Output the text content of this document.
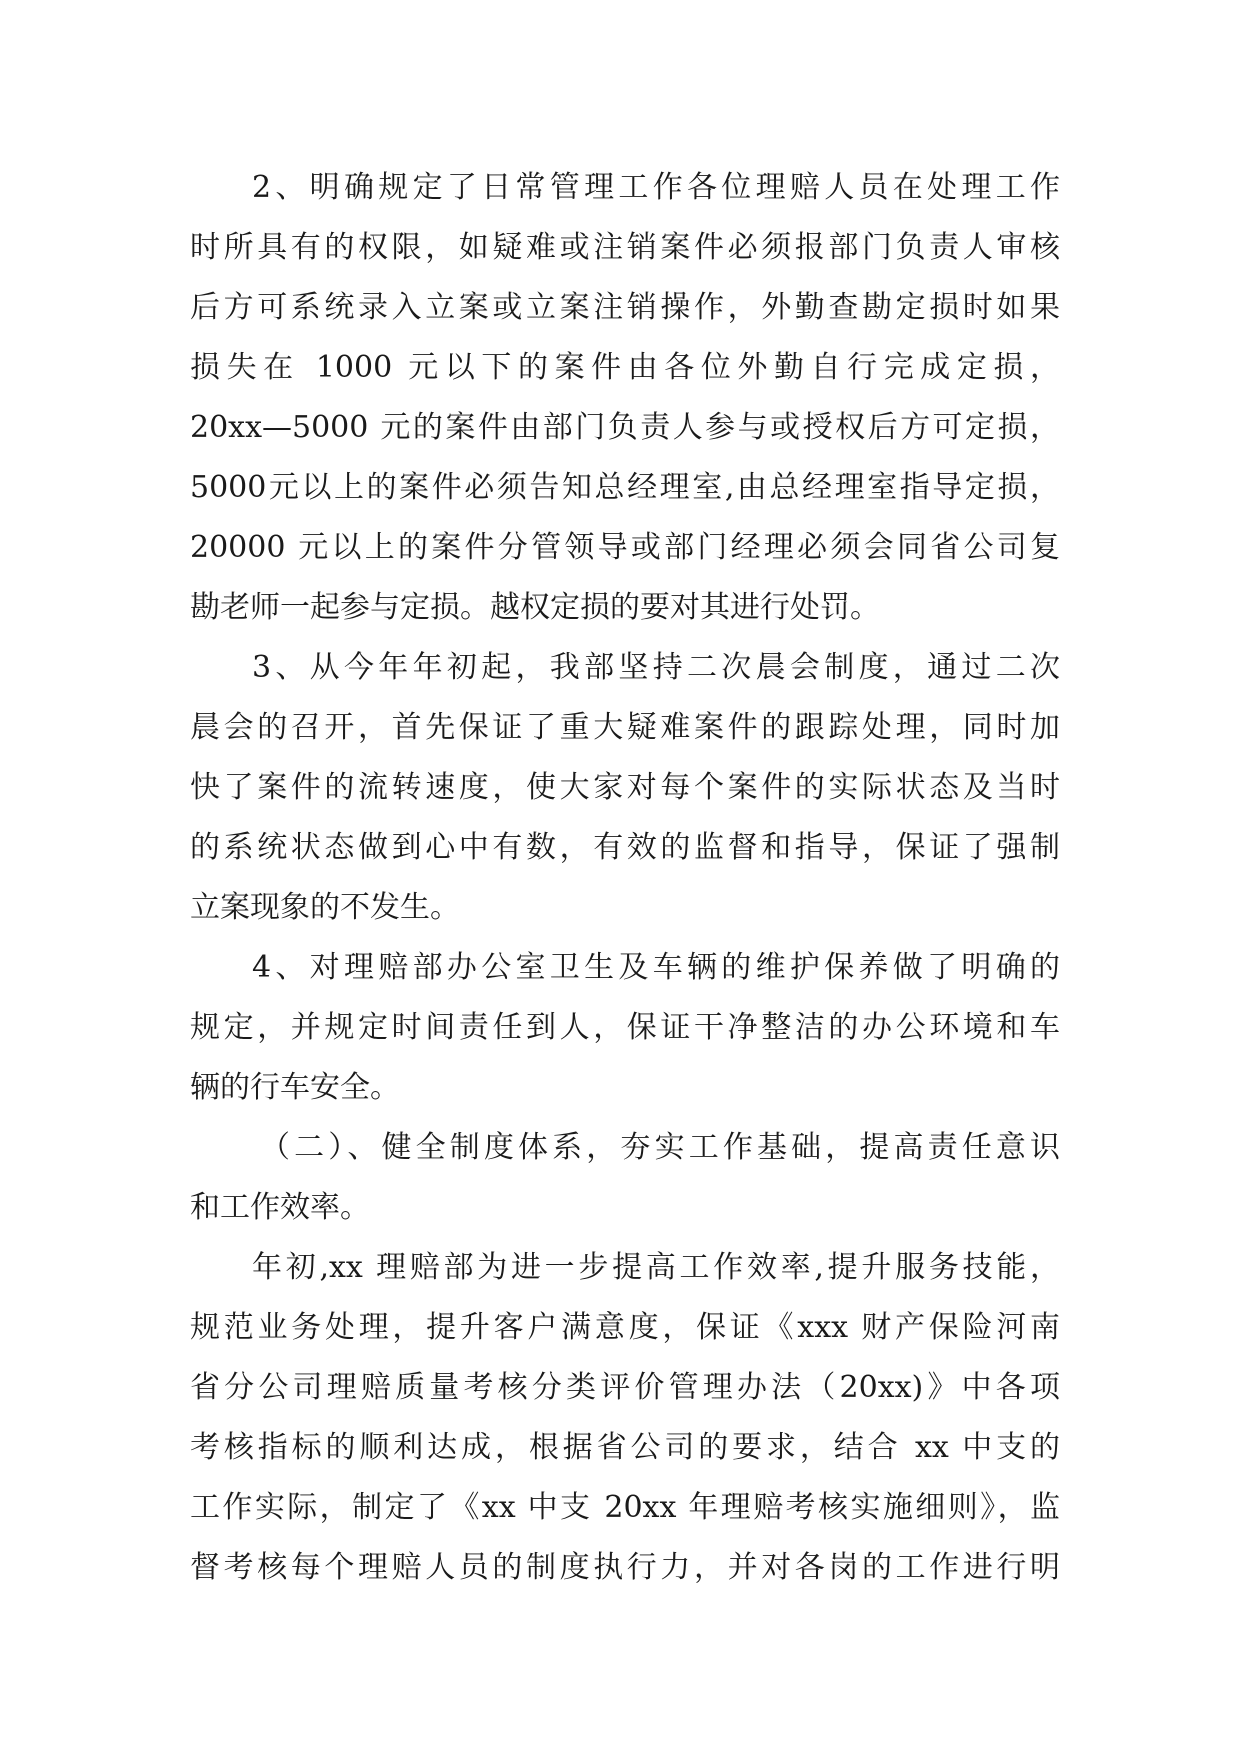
2、明确规定了日常管理工作各位理赔人员在处理工作
时所具有的权限，如疑难或注销案件必须报部门负责人审核
后方可系统录入立案或立案注销操作，外勤查勘定损时如果
损失在 1000 元以下的案件由各位外勤自行完成定损，
20xx—5000 元的案件由部门负责人参与或授权后方可定损，
5000元以上的案件必须告知总经理室,由总经理室指导定损，
20000 元以上的案件分管领导或部门经理必须会同省公司复
勘老师一起参与定损。越权定损的要对其进行处罚。
3、从今年年初起，我部坚持二次晨会制度，通过二次
晨会的召开，首先保证了重大疑难案件的跟踪处理，同时加
快了案件的流转速度，使大家对每个案件的实际状态及当时
的系统状态做到心中有数，有效的监督和指导，保证了强制
立案现象的不发生。
4、对理赔部办公室卫生及车辆的维护保养做了明确的
规定，并规定时间责任到人，保证干净整洁的办公环境和车
辆的行车安全。
（二）、健全制度体系，夯实工作基础，提高责任意识
和工作效率。
年初,xx 理赔部为进一步提高工作效率,提升服务技能，
规范业务处理，提升客户满意度，保证《xxx 财产保险河南
省分公司理赔质量考核分类评价管理办法（20xx)》中各项
考核指标的顺利达成，根据省公司的要求，结合 xx 中支的
工作实际，制定了《xx 中支 20xx 年理赔考核实施细则》，监
督考核每个理赔人员的制度执行力，并对各岗的工作进行明
